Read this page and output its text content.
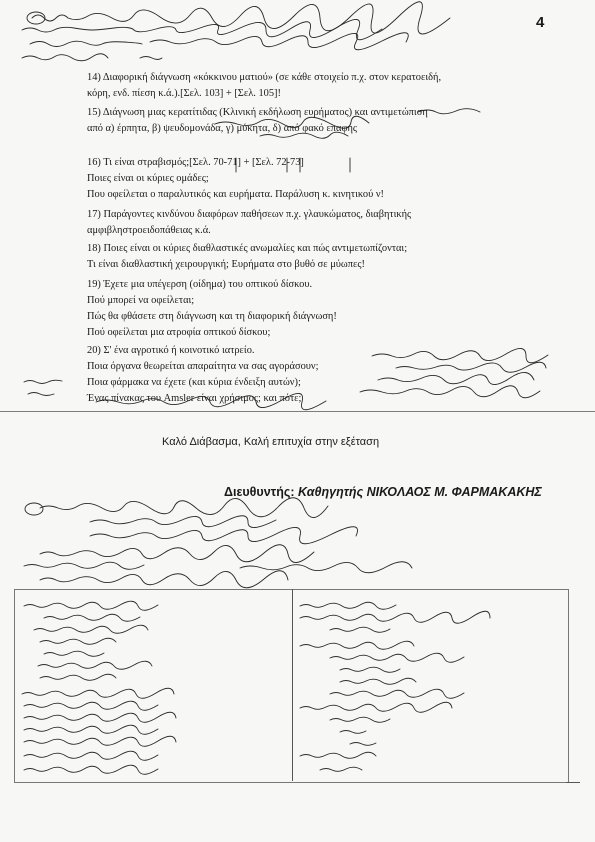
4
14) Διαφορική διάγνωση «κόκκινου ματιού» (σε κάθε στοιχείο π.χ. στον κερατοειδή,
κόρη, ενδ. πίεση κ.ά.).[Σελ. 103] + [Σελ. 105]!
15) Διάγνωση μιας κερατίτιδας (Κλινική εκδήλωση ευρήματος) και αντιμετώπιση
από α) έρπητα, β) ψευδομονάδα, γ) μύκητα, δ) από φακό επαφής
16) Τι είναι στραβισμός;[Σελ. 70-71] + [Σελ. 72-73]
Ποιες είναι οι κύριες ομάδες;
Που οφείλεται ο παραλυτικός και ευρήματα. Παράλυση κ. κινητικού ν!
17) Παράγοντες κινδύνου διαφόρων παθήσεων π.χ. γλαυκώματος, διαβητικής
αμφιβληστροειδοπάθειας κ.ά.
18) Ποιες είναι οι κύριες διαθλαστικές ανωμαλίες και πώς αντιμετωπίζονται;
Τι είναι διαθλαστική χειρουργική; Ευρήματα στο βυθό σε μύωπες!
19) Έχετε μια υπέγερση (οίδημα) του οπτικού δίσκου.
Πού μπορεί να οφείλεται;
Πώς θα φθάσετε στη διάγνωση και τη διαφορική διάγνωση!
Πού οφείλεται μια ατροφία οπτικού δίσκου;
20) Σ' ένα αγροτικό ή κοινοτικό ιατρείο.
Ποια όργανα θεωρείται απαραίτητα να σας αγοράσουν;
Ποια φάρμακα να έχετε (και κύρια ένδειξη αυτών);
Ένας πίνακας του Amsler είναι χρήσιμος; και πότε;
Καλό Διάβασμα, Καλή επιτυχία στην εξέταση
Διευθυντής: Καθηγητής ΝΙΚΟΛΑΟΣ Μ. ΦΑΡΜΑΚΑΚΗΣ
